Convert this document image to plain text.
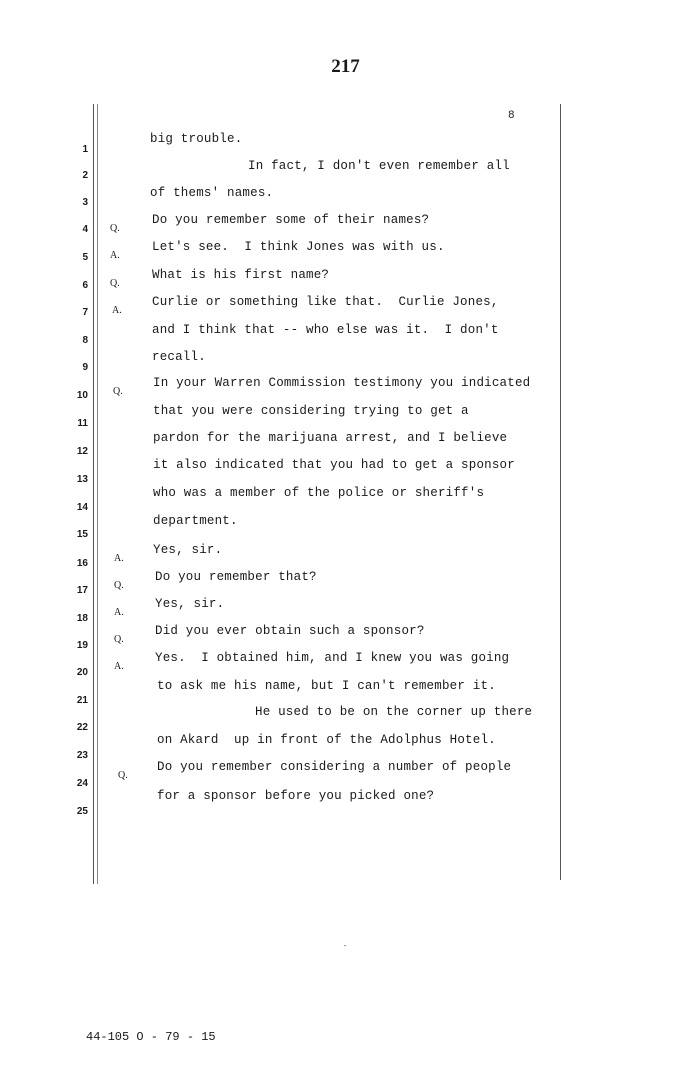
217
8
1
2
3
4
5
6
7
8
9
10
11
12
13
14
15
16
17
18
19
20
21
22
23
24
25
big trouble.
In fact, I don't even remember all
of thems' names.
Q.
Do you remember some of their names?
A.
Let's see.  I think Jones was with us.
Q.
What is his first name?
A.
Curlie or something like that.  Curlie Jones,
and I think that -- who else was it.  I don't
recall.
Q.
In your Warren Commission testimony you indicated
that you were considering trying to get a
pardon for the marijuana arrest, and I believe
it also indicated that you had to get a sponsor
who was a member of the police or sheriff's
department.
A.
Yes, sir.
Q.
Do you remember that?
A.
Yes, sir.
Q.
Did you ever obtain such a sponsor?
A.
Yes.  I obtained him, and I knew you was going
to ask me his name, but I can't remember it.
He used to be on the corner up there
on Akard  up in front of the Adolphus Hotel.
Q.
Do you remember considering a number of people
for a sponsor before you picked one?
44-105 O - 79 - 15
